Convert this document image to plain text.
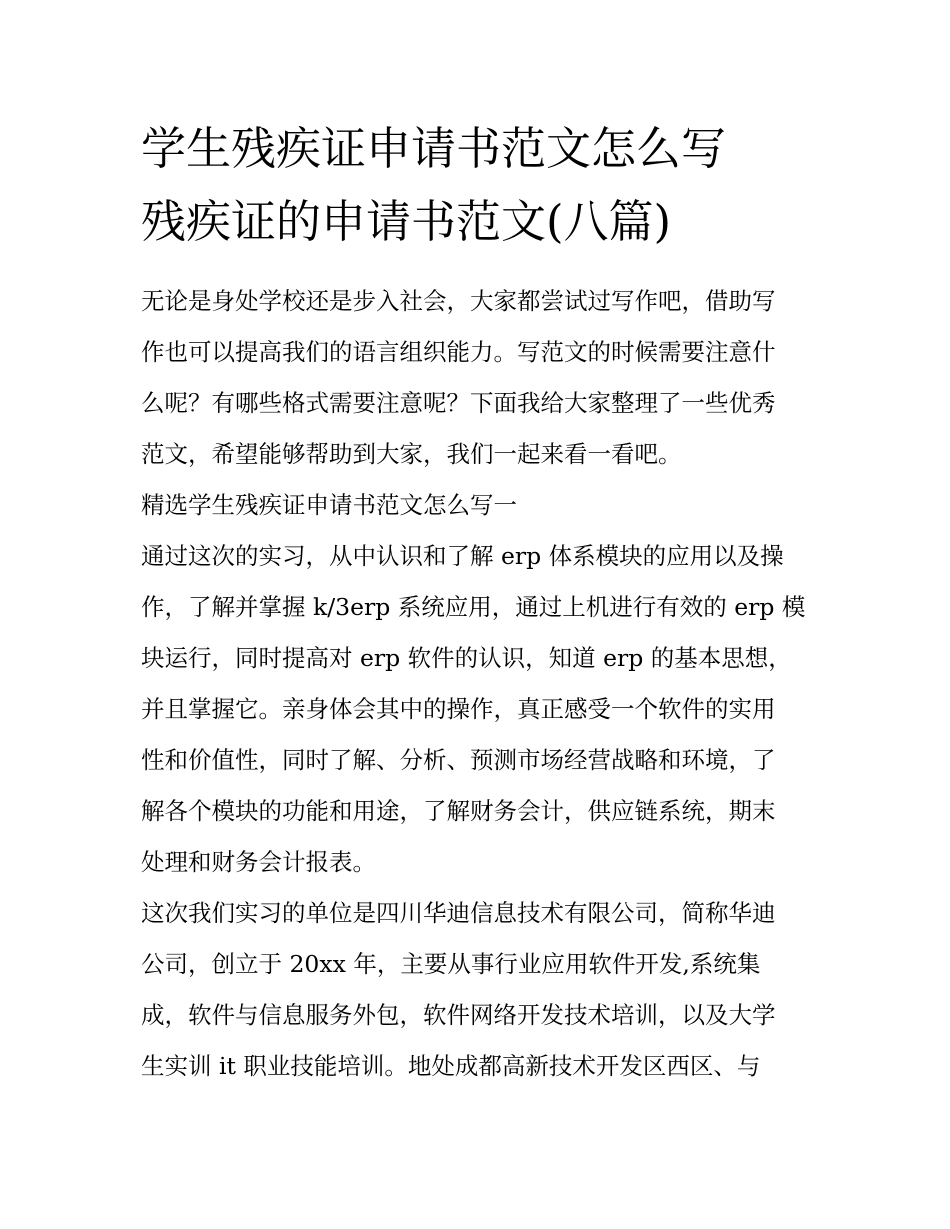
学生残疾证申请书范文怎么写
残疾证的申请书范文(八篇)
无论是身处学校还是步入社会，大家都尝试过写作吧，借助写
作也可以提高我们的语言组织能力。写范文的时候需要注意什
么呢？有哪些格式需要注意呢？下面我给大家整理了一些优秀
范文，希望能够帮助到大家，我们一起来看一看吧。
精选学生残疾证申请书范文怎么写一
通过这次的实习，从中认识和了解 erp 体系模块的应用以及操
作，了解并掌握 k/3erp 系统应用，通过上机进行有效的 erp 模
块运行，同时提高对 erp 软件的认识，知道 erp 的基本思想，
并且掌握它。亲身体会其中的操作，真正感受一个软件的实用
性和价值性，同时了解、分析、预测市场经营战略和环境，了
解各个模块的功能和用途，了解财务会计，供应链系统，期末
处理和财务会计报表。
这次我们实习的单位是四川华迪信息技术有限公司，简称华迪
公司，创立于 20xx 年，主要从事行业应用软件开发,系统集
成，软件与信息服务外包，软件网络开发技术培训，以及大学
生实训 it 职业技能培训。地处成都高新技术开发区西区、与
